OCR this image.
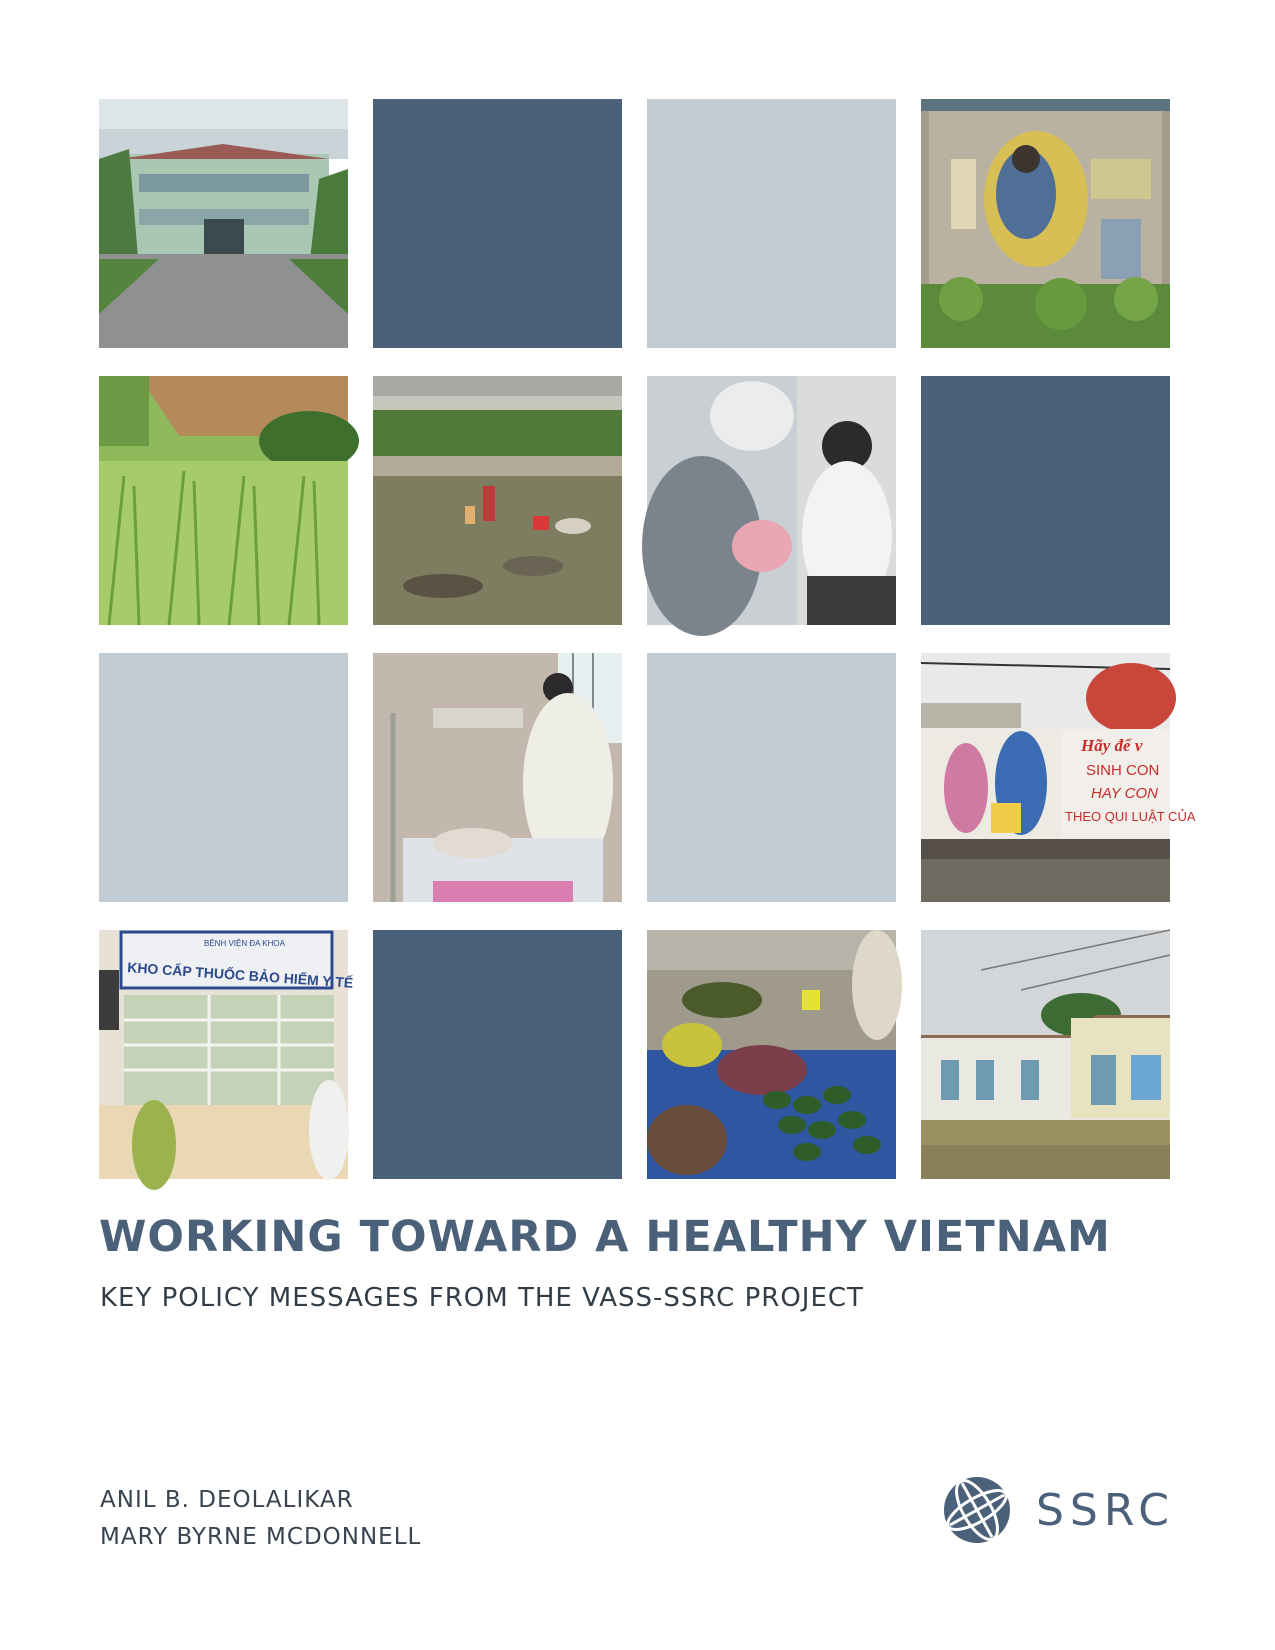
Hãy để v
SINH CON
HAY CON
THEO QUI LUẬT CỦA
BỆNH VIỆN ĐA KHOA
KHO CẤP THUỐC BẢO HIỂM Y TẾ
WORKING TOWARD A HEALTHY VIETNAM
KEY POLICY MESSAGES FROM THE VASS-SSRC PROJECT
ANIL B. DEOLALIKAR
MARY BYRNE MCDONNELL
SSRC
